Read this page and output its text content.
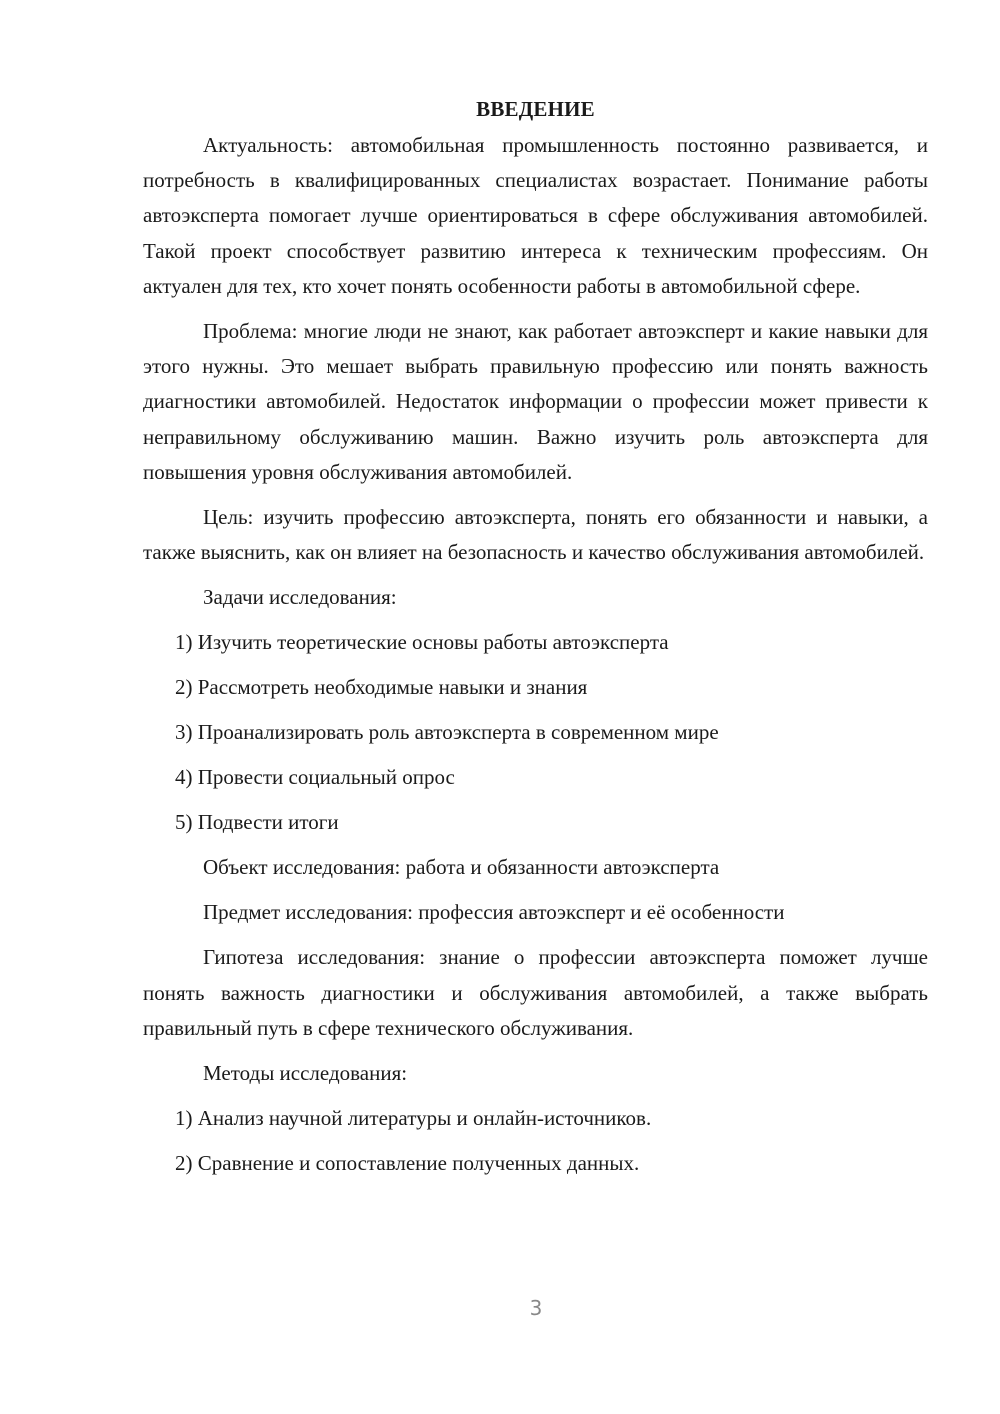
ВВЕДЕНИЕ

Актуальность: автомобильная промышленность постоянно развивается, и потребность в квалифицированных специалистах возрастает. Понимание работы автоэксперта помогает лучше ориентироваться в сфере обслуживания автомобилей. Такой проект способствует развитию интереса к техническим профессиям. Он актуален для тех, кто хочет понять особенности работы в автомобильной сфере.

Проблема: многие люди не знают, как работает автоэксперт и какие навыки для этого нужны. Это мешает выбрать правильную профессию или понять важность диагностики автомобилей. Недостаток информации о профессии может привести к неправильному обслуживанию машин. Важно изучить роль автоэксперта для повышения уровня обслуживания автомобилей.

Цель: изучить профессию автоэксперта, понять его обязанности и навыки, а также выяснить, как он влияет на безопасность и качество обслуживания автомобилей.

Задачи исследования:
1) Изучить теоретические основы работы автоэксперта
2) Рассмотреть необходимые навыки и знания
3) Проанализировать роль автоэксперта в современном мире
4) Провести социальный опрос
5) Подвести итоги
Объект исследования: работа и обязанности автоэксперта
Предмет исследования: профессия автоэксперт и её особенности

Гипотеза исследования: знание о профессии автоэксперта поможет лучше понять важность диагностики и обслуживания автомобилей, а также выбрать правильный путь в сфере технического обслуживания.

Методы исследования:
1) Анализ научной литературы и онлайн-источников.
2) Сравнение и сопоставление полученных данных.
3
